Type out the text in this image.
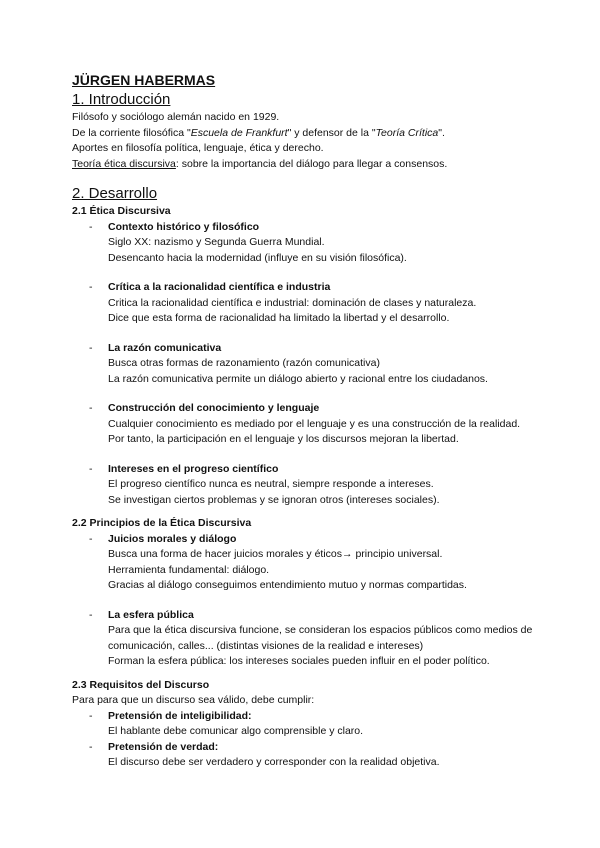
JÜRGEN HABERMAS

1. Introducción

Filósofo y sociólogo alemán nacido en 1929.

De la corriente filosófica "Escuela de Frankfurt" y defensor de la "Teoría Crítica".

Aportes en filosofía política, lenguaje, ética y derecho.

Teoría ética discursiva: sobre la importancia del diálogo para llegar a consensos.

2. Desarrollo

2.1 Ética Discursiva

- Contexto histórico y filosófico
Siglo XX: nazismo y Segunda Guerra Mundial.
Desencanto hacia la modernidad (influye en su visión filosófica).
- Crítica a la racionalidad científica e industria
Critica la racionalidad científica e industrial: dominación de clases y naturaleza.
Dice que esta forma de racionalidad ha limitado la libertad y el desarrollo.
- La razón comunicativa
Busca otras formas de razonamiento (razón comunicativa)
La razón comunicativa permite un diálogo abierto y racional entre los ciudadanos.
- Construcción del conocimiento y lenguaje
Cualquier conocimiento es mediado por el lenguaje y es una construcción de la realidad.
Por tanto, la participación en el lenguaje y los discursos mejoran la libertad.
- Intereses en el progreso científico
El progreso científico nunca es neutral, siempre responde a intereses.
Se investigan ciertos problemas y se ignoran otros (intereses sociales).

2.2 Principios de la Ética Discursiva

- Juicios morales y diálogo
Busca una forma de hacer juicios morales y éticos→ principio universal.
Herramienta fundamental: diálogo.
Gracias al diálogo conseguimos entendimiento mutuo y normas compartidas.
- La esfera pública
Para que la ética discursiva funcione, se consideran los espacios públicos como medios de comunicación, calles... (distintas visiones de la realidad e intereses)
Forman la esfera pública: los intereses sociales pueden influir en el poder político.

2.3 Requisitos del Discurso

Para para que un discurso sea válido, debe cumplir:

- Pretensión de inteligibilidad:
El hablante debe comunicar algo comprensible y claro.
- Pretensión de verdad:
El discurso debe ser verdadero y corresponder con la realidad objetiva.
